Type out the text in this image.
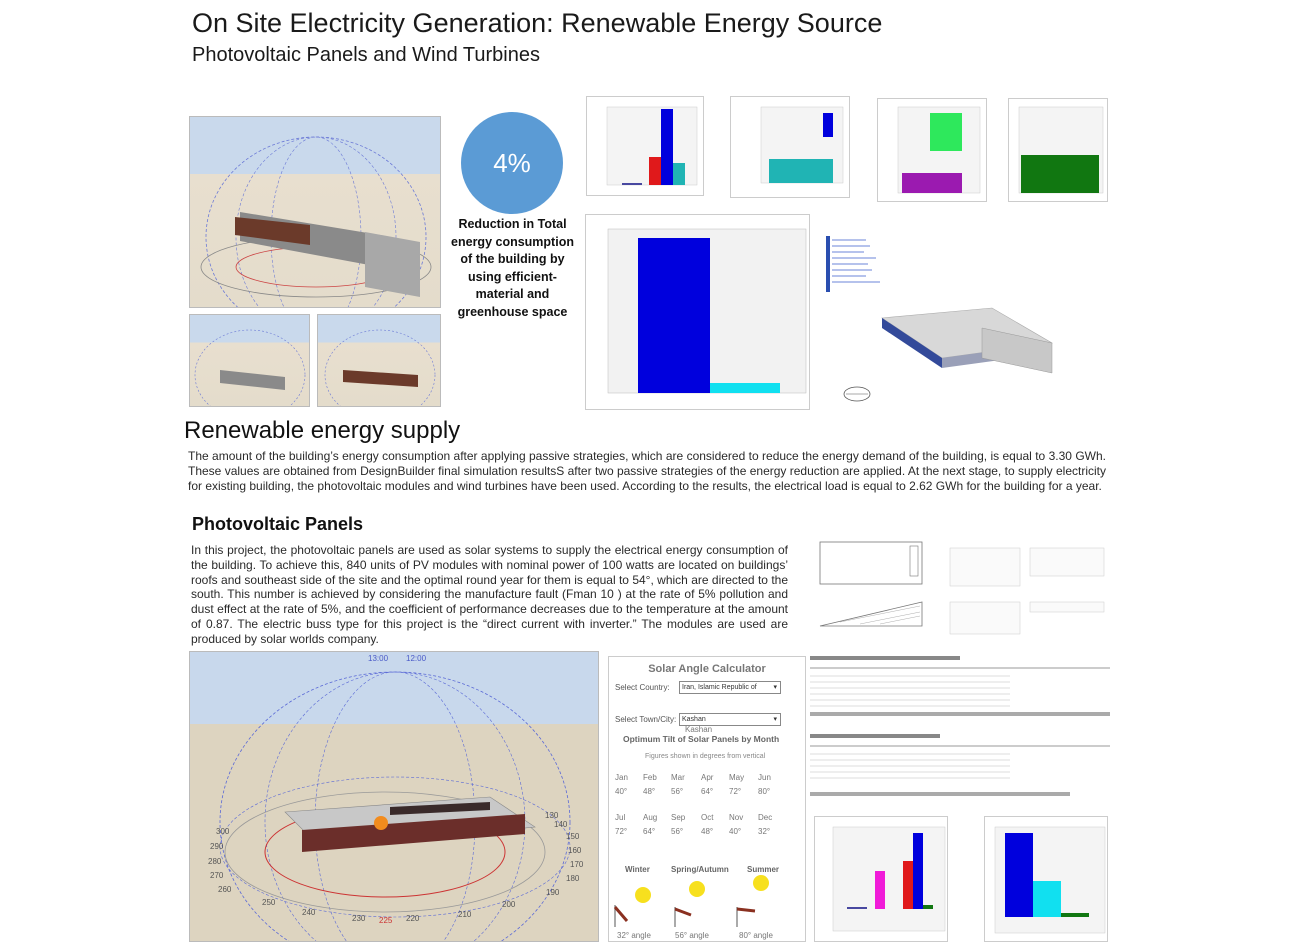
On Site Electricity Generation: Renewable Energy Source
Photovoltaic Panels and Wind Turbines
4%
Reduction in Total energy consumption of the building by using efficient-material and greenhouse space
Renewable energy supply
The amount of the building’s energy consumption after applying passive strategies, which are considered to reduce the energy demand of the building, is equal to 3.30 GWh. These values are obtained from DesignBuilder final simulation resultsS after two passive strategies of the energy reduction are applied. At the next stage, to supply electricity for existing building, the photovoltaic modules and wind turbines have been used. According to the results, the electrical load is equal to 2.62 GWh for the building for a year.
Photovoltaic Panels
In this project, the photovoltaic panels are used as solar systems to supply the electrical energy consumption of the building. To achieve this, 840 units of PV modules with nominal power of 100 watts are located on buildings’ roofs and southeast side of the site and the optimal round year for them is equal to 54°, which are directed to the south. This number is achieved by considering the manufacture fault (Fman 10 ) at the rate of 5% pollution and dust effect at the rate of 5%, and the coefficient of performance decreases due to the temperature at the amount of 0.87. The electric buss type for this project is the “direct current with inverter.” The modules are used are produced by solar worlds company.
13:00 12:00
300
290
280
270
260
250
240
230 225 220	210
200
130
140
150
160
170
180
190
Solar Angle Calculator
Select Country:	Iran, Islamic Republic of ▾
Select Town/City: Kashan	▾
Kashan
Optimum Tilt of Solar Panels by Month
Figures shown in degrees from vertical
Jan Feb Mar Apr May Jun
40° 48° 56° 64° 72° 80°
Jul Aug Sep Oct Nov Dec
72° 64° 56° 48° 40° 32°
Winter	Spring/Autumn Summer
32° angle	56° angle	80° angle
